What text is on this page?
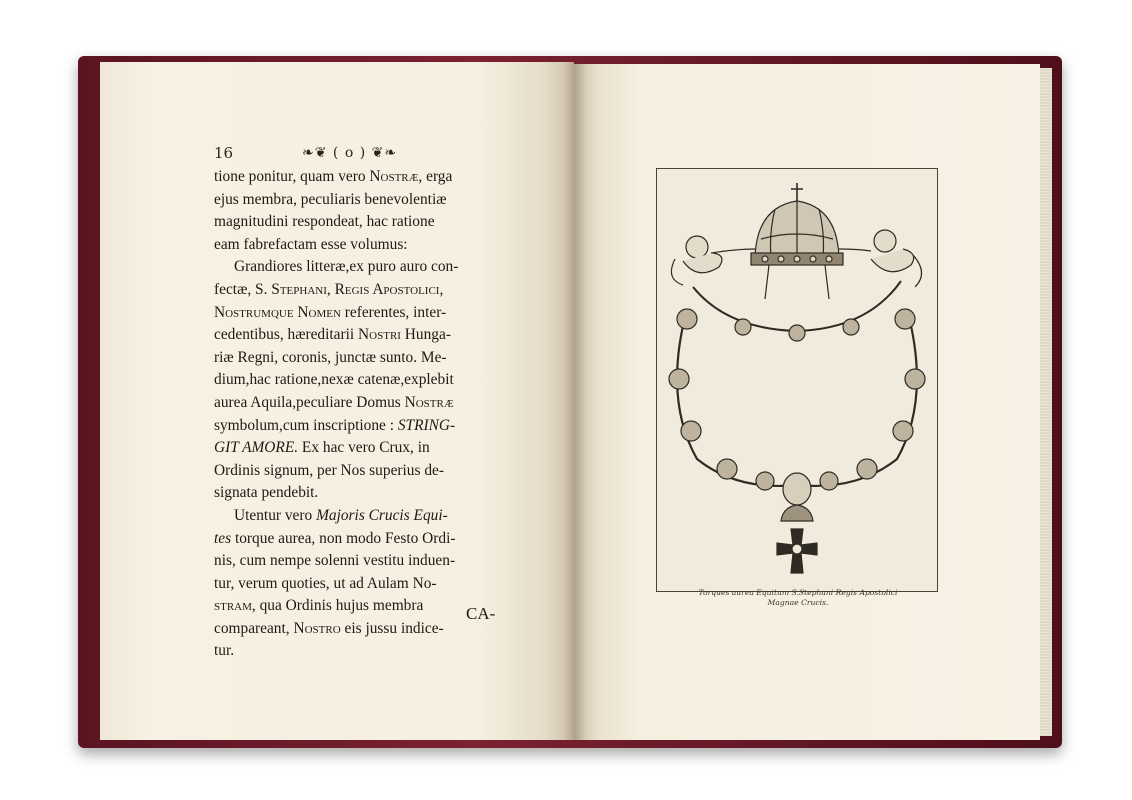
16	❧❦ ( o ) ❦❧
tione ponitur, quam vero Nostræ, erga
ejus membra, peculiaris benevolentiæ
magnitudini respondeat, hac ratione
eam fabrefactam esse volumus:
Grandiores litteræ,ex puro auro con-
fectæ, S. Stephani, Regis Apostolici,
Nostrumque Nomen referentes, inter-
cedentibus, hæreditarii Nostri Hunga-
riæ Regni, coronis, junctæ sunto. Me-
dium,hac ratione,nexæ catenæ,explebit
aurea Aquila,peculiare Domus Nostræ
symbolum,cum inscriptione : STRING-
GIT AMORE. Ex hac vero Crux, in
Ordinis signum, per Nos superius de-
signata pendebit.
Utentur vero Majoris Crucis Equi-
tes torque aurea, non modo Festo Ordi-
nis, cum nempe solenni vestitu induen-
tur, verum quoties, ut ad Aulam No-
stram, qua Ordinis hujus membra
compareant, Nostro eis jussu indice-
tur.
CA-
Torques aurea Equitum S.Stephani Regis Apostolici
Magnae Crucis.
